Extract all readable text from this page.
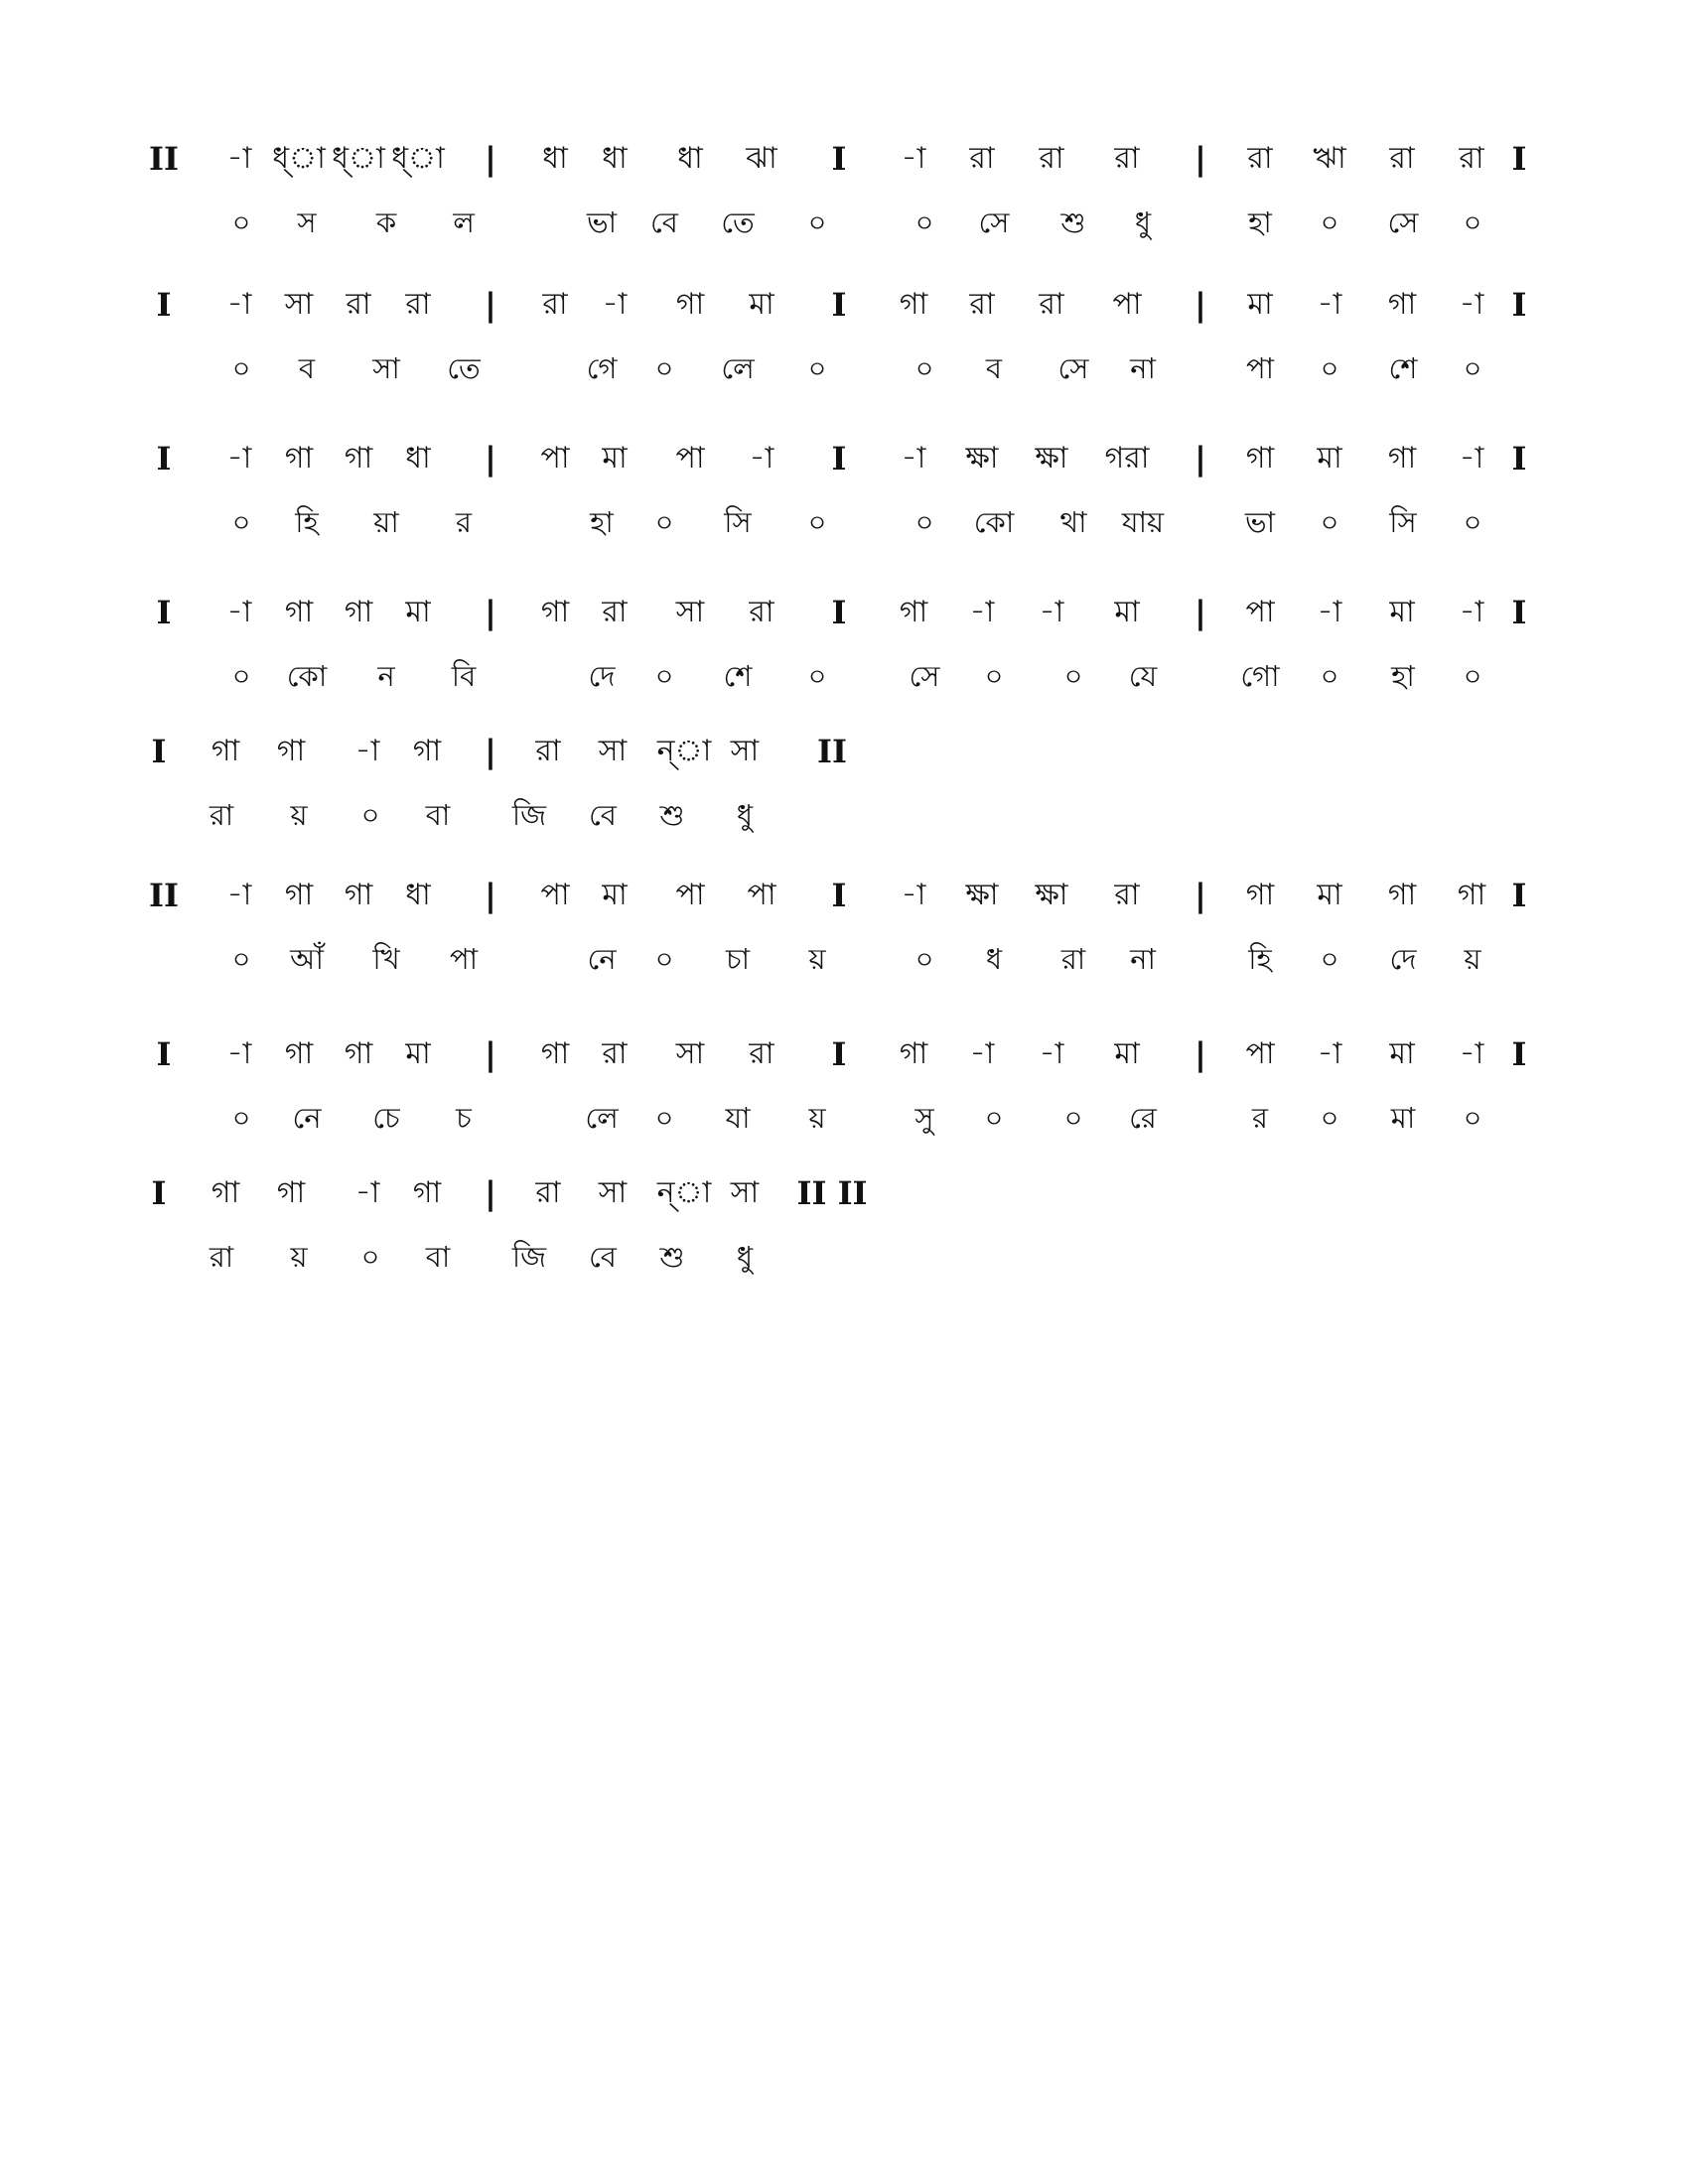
II -া ধ্া ধ্া ধ্া | ধা ধা ধা ঝা I -া রা রা রা | রা ঋা রা রা I
০ স ক ল	ভা বে তে ০	০ সে শু ধু	হা ০ সে ০
I -া সা রা রা | রা -া গা মা I গা রা রা পা | মা -া গা -া I
০ ব সা তে	গে ০ লে ০	০ ব সে না	পা ০ শে ০
I -া গা গা ধা | পা মা পা -া I -া ক্ষা ক্ষা গরা | গা মা গা -া I
০ হি য়া র	হা ০ সি ০	০ কো থা যায়	ভা ০ সি ০
I -া গা গা মা | গা রা সা রা I গা -া -া মা | পা -া মা -া I
০ কো ন বি	দে ০ শে ০	সে ০ ০ যে	গো ০ হা ০
I গা গা -া গা | রা সা ন্া সা II
রা য় ০ বা জি বে শু ধু
II -া গা গা ধা | পা মা পা পা I -া ক্ষা ক্ষা রা | গা মা গা গা I
০ আঁ খি পা	নে ০ চা য়	০ ধ রা না	হি ০ দে য়
I -া গা গা মা | গা রা সা রা I গা -া -া মা | পা -া মা -া I
০ নে চে চ	লে ০ যা য়	সু ০ ০ রে	র ০ মা ০
I গা গা -া গা | রা সা ন্া সা II II
রা য় ০ বা জি বে শু ধু
